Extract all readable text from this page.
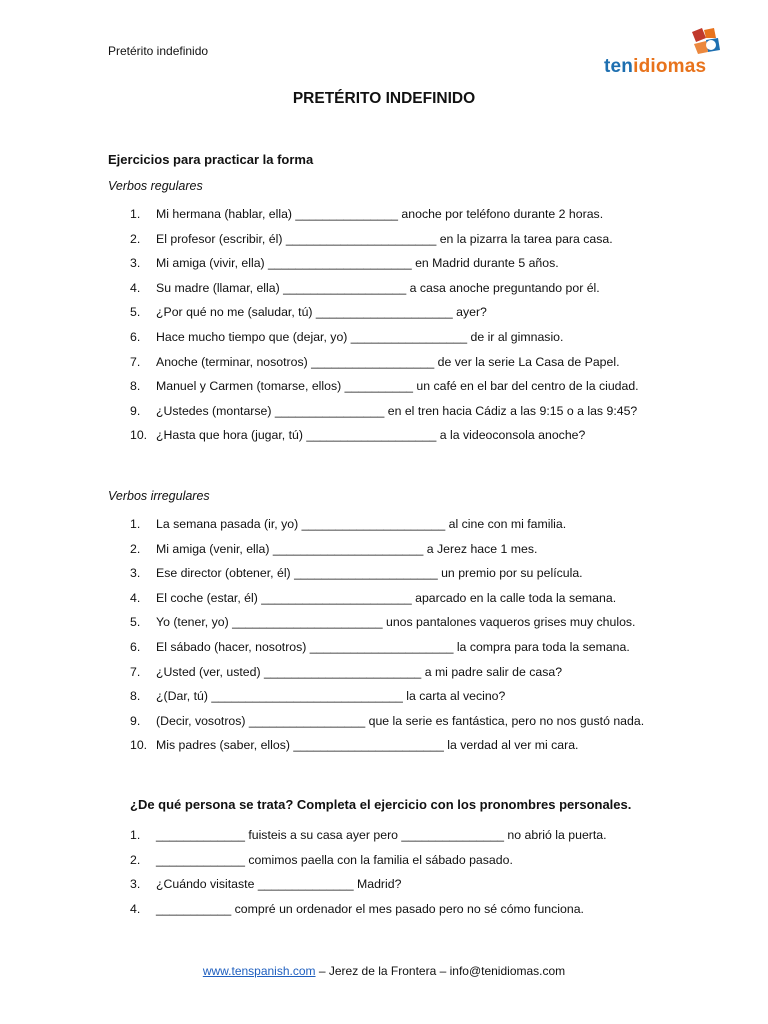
Pretérito indefinido
tenidiomas
PRETÉRITO INDEFINIDO
Ejercicios para practicar la forma
Verbos regulares
1.	Mi hermana (hablar, ella) _______________ anoche por teléfono durante 2 horas.
2.	El profesor (escribir, él) ______________________ en la pizarra la tarea para casa.
3.	Mi amiga (vivir, ella) _____________________ en Madrid durante 5 años.
4.	Su madre (llamar, ella) __________________ a casa anoche preguntando por él.
5.	¿Por qué no me (saludar, tú) ____________________ ayer?
6.	Hace mucho tiempo que (dejar, yo) _________________ de ir al gimnasio.
7.	Anoche (terminar, nosotros) __________________ de ver la serie La Casa de Papel.
8.	Manuel y Carmen (tomarse, ellos) __________ un café en el bar del centro de la ciudad.
9.	¿Ustedes (montarse) ________________ en el tren hacia Cádiz a las 9:15 o a las 9:45?
10. ¿Hasta que hora (jugar, tú) ___________________ a la videoconsola anoche?
Verbos irregulares
1.	La semana pasada (ir, yo) _____________________ al cine con mi familia.
2.	Mi amiga (venir, ella) ______________________ a Jerez hace 1 mes.
3.	Ese director (obtener, él) _____________________ un premio por su película.
4.	El coche (estar, él) ______________________ aparcado en la calle toda la semana.
5.	Yo (tener, yo) ______________________ unos pantalones vaqueros grises muy chulos.
6.	El sábado (hacer, nosotros) _____________________ la compra para toda la semana.
7.	¿Usted (ver, usted) _______________________ a mi padre salir de casa?
8.	¿(Dar, tú) ____________________________ la carta al vecino?
9.	(Decir, vosotros) _________________ que la serie es fantástica, pero no nos gustó nada.
10. Mis padres (saber, ellos) ______________________ la verdad al ver mi cara.
¿De qué persona se trata? Completa el ejercicio con los pronombres personales.
1.	_____________ fuisteis a su casa ayer pero _______________ no abrió la puerta.
2.	_____________ comimos paella con la familia el sábado pasado.
3.	¿Cuándo visitaste ______________ Madrid?
4.	___________ compré un ordenador el mes pasado pero no sé cómo funciona.
www.tenspanish.com – Jerez de la Frontera – info@tenidiomas.com
